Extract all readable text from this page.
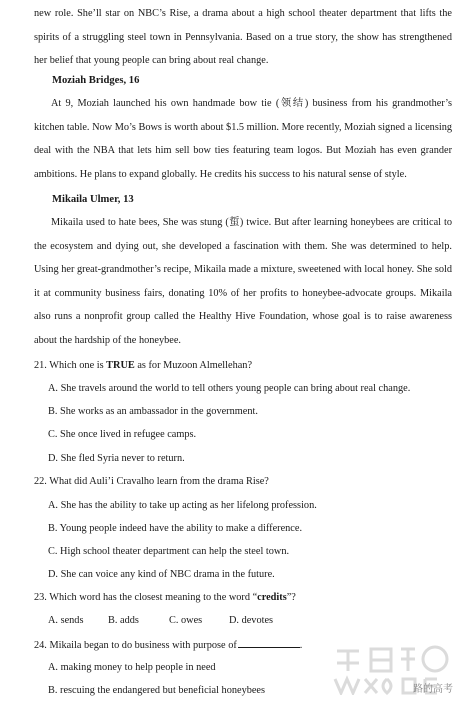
new role. She’ll star on NBC’s Rise, a drama about a high school theater department that lifts the spirits of a struggling steel town in Pennsylvania. Based on a true story, the show has strengthened her belief that young people can bring about real change.

Moziah Bridges, 16

At 9, Moziah launched his own handmade bow tie (领结) business from his grandmother’s kitchen table. Now Mo’s Bows is worth about $1.5 million. More recently, Moziah signed a licensing deal with the NBA that lets him sell bow ties featuring team logos. But Moziah has even grander ambitions. He plans to expand globally. He credits his success to his natural sense of style.

Mikaila Ulmer, 13

Mikaila used to hate bees, She was stung (蜇) twice. But after learning honeybees are critical to the ecosystem and dying out, she developed a fascination with them. She was determined to help. Using her great-grandmother’s recipe, Mikaila made a mixture, sweetened with local honey. She sold it at community business fairs, donating 10% of her profits to honeybee-advocate groups. Mikaila also runs a nonprofit group called the Healthy Hive Foundation, whose goal is to raise awareness about the hardship of the honeybee.

21. Which one is TRUE as for Muzoon Almellehan?

A. She travels around the world to tell others young people can bring about real change.

B. She works as an ambassador in the government.

C. She once lived in refugee camps.

D. She fled Syria never to return.

22. What did Auli’i Cravalho learn from the drama Rise?

A. She has the ability to take up acting as her lifelong profession.

B. Young people indeed have the ability to make a difference.

C. High school theater department can help the steel town.

D. She can voice any kind of NBC drama in the future.

23. Which word has the closest meaning to the word “credits”?

A. sends B. adds	C. owes	D. devotes

24. Mikaila began to do business with purpose of	.

A. making money to help people in need

B. rescuing the endangered but beneficial honeybees	路的高考
